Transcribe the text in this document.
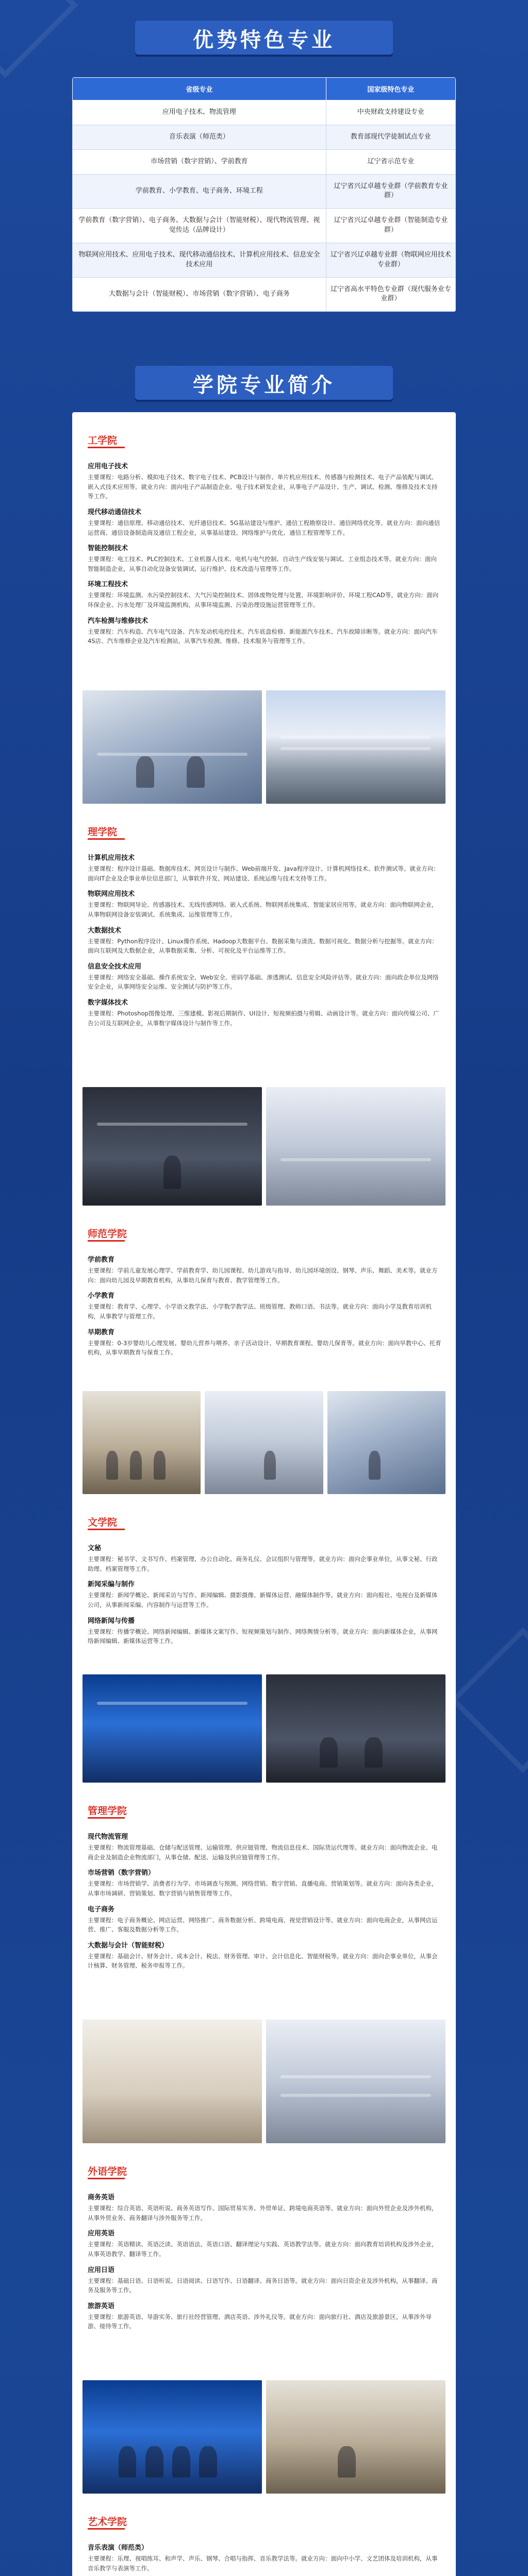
优势特色专业
省级专业	国家级特色专业
应用电子技术、物流管理	中央财政支持建设专业
音乐表演（师范类）	教育部现代学徒制试点专业
市场营销（数字营销）、学前教育	辽宁省示范专业
学前教育、小学教育、电子商务、环境工程	辽宁省兴辽卓越专业群（学前教育专业群）
学前教育（数字营销）、电子商务、大数据与会计（智能财税）、现代物流管理、视觉传达（品牌设计）	辽宁省兴辽卓越专业群（智能制造专业群）
物联网应用技术、应用电子技术、现代移动通信技术、计算机应用技术、信息安全技术应用	辽宁省兴辽卓越专业群（物联网应用技术专业群）
大数据与会计（智能财税）、市场营销（数字营销）、电子商务	辽宁省高水平特色专业群（现代服务业专业群）
学院专业简介
工学院
应用电子技术

主要课程：电路分析、模拟电子技术、数字电子技术、PCB设计与制作、单片机应用技术、传感器与检测技术、电子产品装配与调试、嵌入式技术应用等。就业方向：面向电子产品制造企业、电子技术研发企业，从事电子产品设计、生产、调试、检测、维修及技术支持等工作。

现代移动通信技术

主要课程：通信原理、移动通信技术、光纤通信技术、5G基站建设与维护、通信工程勘察设计、通信网络优化等。就业方向：面向通信运营商、通信设备制造商及通信工程企业，从事基站建设、网络维护与优化、通信工程管理等工作。

智能控制技术

主要课程：电工技术、PLC控制技术、工业机器人技术、电机与电气控制、自动生产线安装与调试、工业组态技术等。就业方向：面向智能制造企业，从事自动化设备安装调试、运行维护、技术改造与管理等工作。

环境工程技术

主要课程：环境监测、水污染控制技术、大气污染控制技术、固体废物处理与处置、环境影响评价、环境工程CAD等。就业方向：面向环保企业、污水处理厂及环境监测机构，从事环境监测、污染治理设施运营管理等工作。

汽车检测与维修技术

主要课程：汽车构造、汽车电气设备、汽车发动机电控技术、汽车底盘检修、新能源汽车技术、汽车故障诊断等。就业方向：面向汽车4S店、汽车维修企业及汽车检测站，从事汽车检测、维修、技术服务与管理等工作。

理学院
计算机应用技术

主要课程：程序设计基础、数据库技术、网页设计与制作、Web前端开发、Java程序设计、计算机网络技术、软件测试等。就业方向：面向IT企业及企事业单位信息部门，从事软件开发、网站建设、系统运维与技术支持等工作。

物联网应用技术

主要课程：物联网导论、传感器技术、无线传感网络、嵌入式系统、物联网系统集成、智能家居应用等。就业方向：面向物联网企业，从事物联网设备安装调试、系统集成、运维管理等工作。

大数据技术

主要课程：Python程序设计、Linux操作系统、Hadoop大数据平台、数据采集与清洗、数据可视化、数据分析与挖掘等。就业方向：面向互联网及大数据企业，从事数据采集、分析、可视化及平台运维等工作。

信息安全技术应用

主要课程：网络安全基础、操作系统安全、Web安全、密码学基础、渗透测试、信息安全风险评估等。就业方向：面向政企单位及网络安全企业，从事网络安全运维、安全测试与防护等工作。

数字媒体技术

主要课程：Photoshop图像处理、三维建模、影视后期制作、UI设计、短视频拍摄与剪辑、动画设计等。就业方向：面向传媒公司、广告公司及互联网企业，从事数字媒体设计与制作等工作。

师范学院
学前教育

主要课程：学前儿童发展心理学、学前教育学、幼儿园课程、幼儿游戏与指导、幼儿园环境创设、钢琴、声乐、舞蹈、美术等。就业方向：面向幼儿园及早期教育机构，从事幼儿保育与教育、教学管理等工作。

小学教育

主要课程：教育学、心理学、小学语文教学法、小学数学教学法、班级管理、教师口语、书法等。就业方向：面向小学及教育培训机构，从事教学与管理工作。

早期教育

主要课程：0-3岁婴幼儿心理发展、婴幼儿营养与喂养、亲子活动设计、早期教育课程、婴幼儿保育等。就业方向：面向早教中心、托育机构，从事早期教育与保育工作。

文学院
文秘

主要课程：秘书学、文书写作、档案管理、办公自动化、商务礼仪、会议组织与管理等。就业方向：面向企事业单位，从事文秘、行政助理、档案管理等工作。

新闻采编与制作

主要课程：新闻学概论、新闻采访与写作、新闻编辑、摄影摄像、新媒体运营、融媒体制作等。就业方向：面向报社、电视台及新媒体公司，从事新闻采编、内容制作与运营等工作。

网络新闻与传播

主要课程：传播学概论、网络新闻编辑、新媒体文案写作、短视频策划与制作、网络舆情分析等。就业方向：面向新媒体企业，从事网络新闻编辑、新媒体运营等工作。

管理学院
现代物流管理

主要课程：物流管理基础、仓储与配送管理、运输管理、供应链管理、物流信息技术、国际货运代理等。就业方向：面向物流企业、电商企业及制造企业物流部门，从事仓储、配送、运输及供应链管理等工作。

市场营销（数字营销）

主要课程：市场营销学、消费者行为学、市场调查与预测、网络营销、数字营销、直播电商、营销策划等。就业方向：面向各类企业，从事市场调研、营销策划、数字营销与销售管理等工作。

电子商务

主要课程：电子商务概论、网店运营、网络推广、商务数据分析、跨境电商、视觉营销设计等。就业方向：面向电商企业，从事网店运营、推广、客服及数据分析等工作。

大数据与会计（智能财税）

主要课程：基础会计、财务会计、成本会计、税法、财务管理、审计、会计信息化、智能财税等。就业方向：面向企事业单位，从事会计核算、财务管理、税务申报等工作。

外语学院
商务英语

主要课程：综合英语、英语听说、商务英语写作、国际贸易实务、外贸单证、跨境电商英语等。就业方向：面向外贸企业及涉外机构，从事外贸业务、商务翻译与涉外服务等工作。

应用英语

主要课程：英语精读、英语泛读、英语语法、英语口语、翻译理论与实践、英语教学法等。就业方向：面向教育培训机构及涉外企业，从事英语教学、翻译等工作。

应用日语

主要课程：基础日语、日语听说、日语阅读、日语写作、日语翻译、商务日语等。就业方向：面向日资企业及涉外机构，从事翻译、商务及服务等工作。

旅游英语

主要课程：旅游英语、导游实务、旅行社经营管理、酒店英语、涉外礼仪等。就业方向：面向旅行社、酒店及旅游景区，从事涉外导游、接待等工作。

艺术学院
音乐表演（师范类）

主要课程：乐理、视唱练耳、和声学、声乐、钢琴、合唱与指挥、音乐教学法等。就业方向：面向中小学、文艺团体及培训机构，从事音乐教学与表演等工作。
